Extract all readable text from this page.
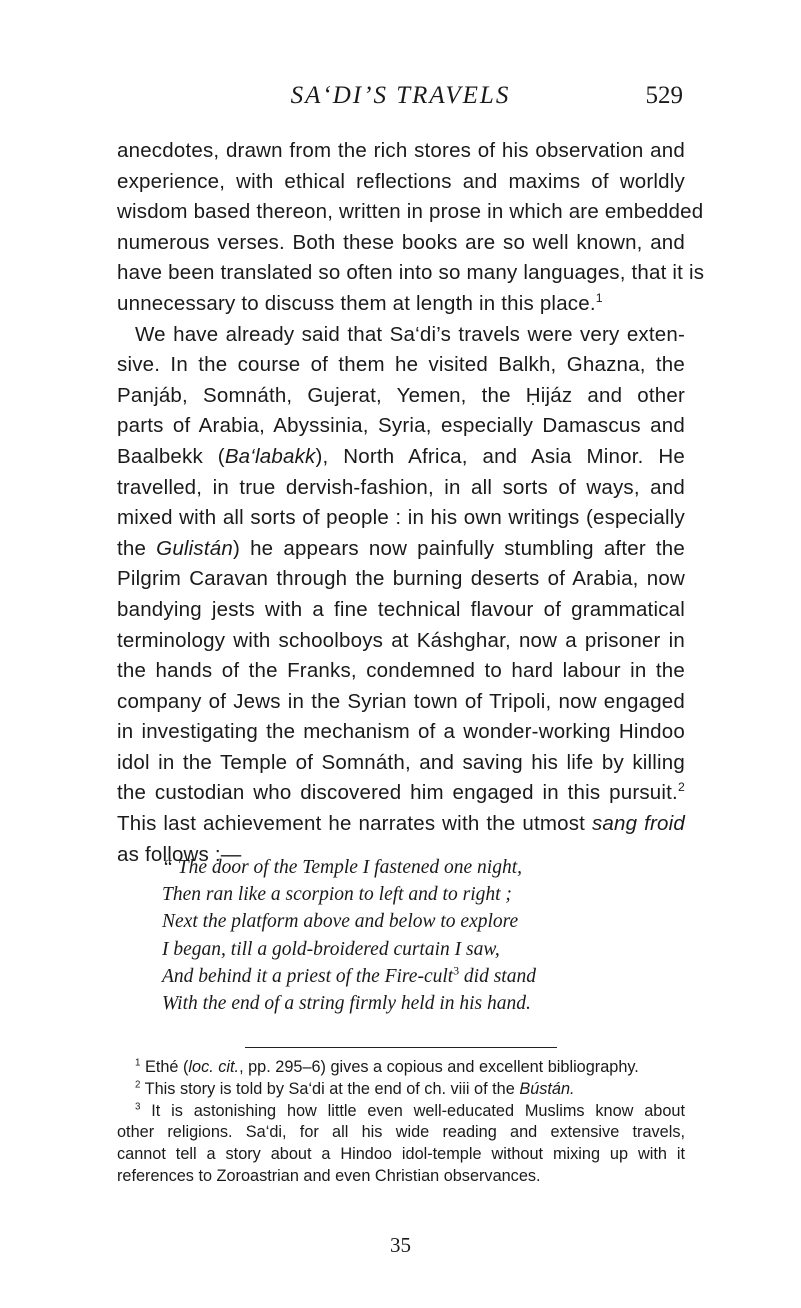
SA‘DI’S TRAVELS	529
anecdotes, drawn from the rich stores of his observation and
experience, with ethical reflections and maxims of worldly
wisdom based thereon, written in prose in which are embedded
numerous verses. Both these books are so well known, and
have been translated so often into so many languages, that it is
unnecessary to discuss them at length in this place.$^1$
We have already said that Sa‘di’s travels were very exten-
sive. In the course of them he visited Balkh, Ghazna, the
Panjáb, Somnáth, Gujerat, Yemen, the Ḥijáz and other
parts of Arabia, Abyssinia, Syria, especially Damascus and
Baalbekk (Ba‘labakk), North Africa, and Asia Minor. He
travelled, in true dervish-fashion, in all sorts of ways, and
mixed with all sorts of people : in his own writings (especially
the Gulistán) he appears now painfully stumbling after the
Pilgrim Caravan through the burning deserts of Arabia, now
bandying jests with a fine technical flavour of grammatical
terminology with schoolboys at Káshghar, now a prisoner in
the hands of the Franks, condemned to hard labour in the
company of Jews in the Syrian town of Tripoli, now engaged
in investigating the mechanism of a wonder-working Hindoo
idol in the Temple of Somnáth, and saving his life by killing
the custodian who discovered him engaged in this pursuit.$^2$
This last achievement he narrates with the utmost sang froid
as follows :—
“ The door of the Temple I fastened one night,
Then ran like a scorpion to left and to right ;
Next the platform above and below to explore
I began, till a gold-broidered curtain I saw,
And behind it a priest of the Fire-cult$^3$ did stand
With the end of a string firmly held in his hand.
$^1$ Ethé (loc. cit., pp. 295–6) gives a copious and excellent bibliography.
$^2$ This story is told by Sa‘di at the end of ch. viii of the Bústán.
$^3$ It is astonishing how little even well-educated Muslims know about
other religions. Sa‘di, for all his wide reading and extensive travels,
cannot tell a story about a Hindoo idol-temple without mixing up with it
references to Zoroastrian and even Christian observances.
35
